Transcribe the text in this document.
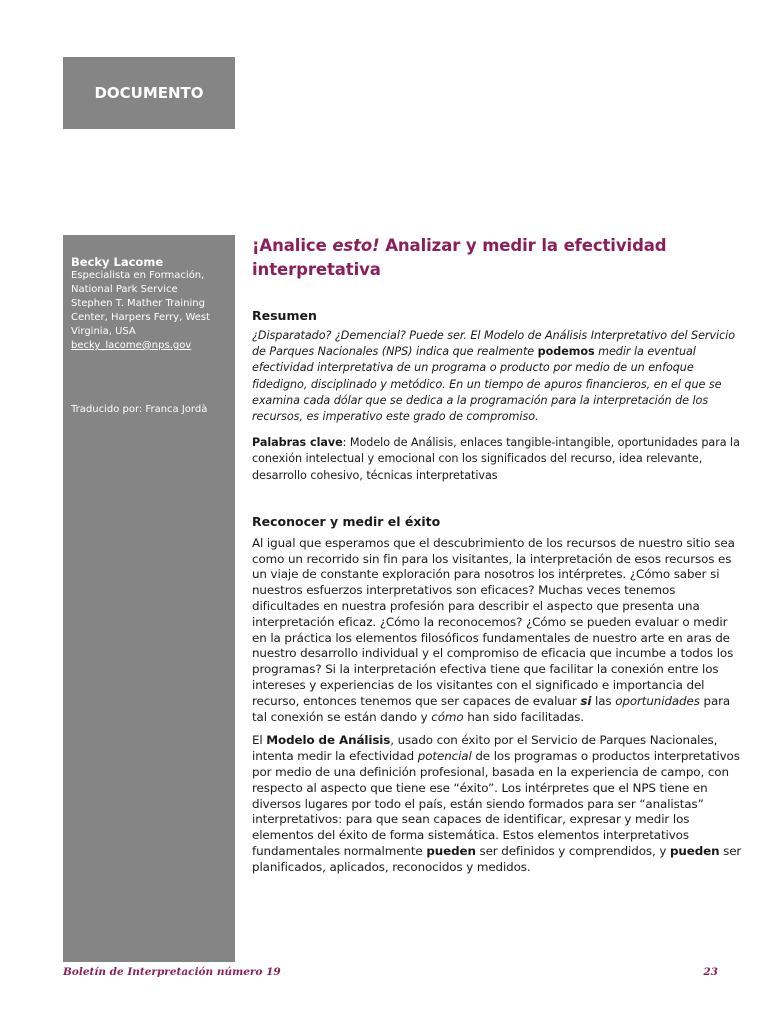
DOCUMENTO
Becky Lacome
Especialista en Formación,
National Park Service
Stephen T. Mather Training
Center, Harpers Ferry, West
Virginia, USA
becky_lacome@nps.gov
Traducido por: Franca Jordà
¡Analice esto! Analizar y medir la efectividad interpretativa
Resumen

¿Disparatado? ¿Demencial? Puede ser. El Modelo de Análisis Interpretativo del Servicio de Parques Nacionales (NPS) indica que realmente podemos medir la eventual efectividad interpretativa de un programa o producto por medio de un enfoque fidedigno, disciplinado y metódico. En un tiempo de apuros financieros, en el que se examina cada dólar que se dedica a la programación para la interpretación de los recursos, es imperativo este grado de compromiso.

Palabras clave: Modelo de Análisis, enlaces tangible-intangible, oportunidades para la conexión intelectual y emocional con los significados del recurso, idea relevante, desarrollo cohesivo, técnicas interpretativas

Reconocer y medir el éxito

Al igual que esperamos que el descubrimiento de los recursos de nuestro sitio sea como un recorrido sin fin para los visitantes, la interpretación de esos recursos es un viaje de constante exploración para nosotros los intérpretes. ¿Cómo saber si nuestros esfuerzos interpretativos son eficaces? Muchas veces tenemos dificultades en nuestra profesión para describir el aspecto que presenta una interpretación eficaz. ¿Cómo la reconocemos? ¿Cómo se pueden evaluar o medir en la práctica los elementos filosóficos fundamentales de nuestro arte en aras de nuestro desarrollo individual y el compromiso de eficacia que incumbe a todos los programas? Si la interpretación efectiva tiene que facilitar la conexión entre los intereses y experiencias de los visitantes con el significado e importancia del recurso, entonces tenemos que ser capaces de evaluar si las oportunidades para tal conexión se están dando y cómo han sido facilitadas.

El Modelo de Análisis, usado con éxito por el Servicio de Parques Nacionales, intenta medir la efectividad potencial de los programas o productos interpretativos por medio de una definición profesional, basada en la experiencia de campo, con respecto al aspecto que tiene ese “éxito”. Los intérpretes que el NPS tiene en diversos lugares por todo el país, están siendo formados para ser “analistas” interpretativos: para que sean capaces de identificar, expresar y medir los elementos del éxito de forma sistemática. Estos elementos interpretativos fundamentales normalmente pueden ser definidos y comprendidos, y pueden ser planificados, aplicados, reconocidos y medidos.

Boletín de Interpretación número 19	23
